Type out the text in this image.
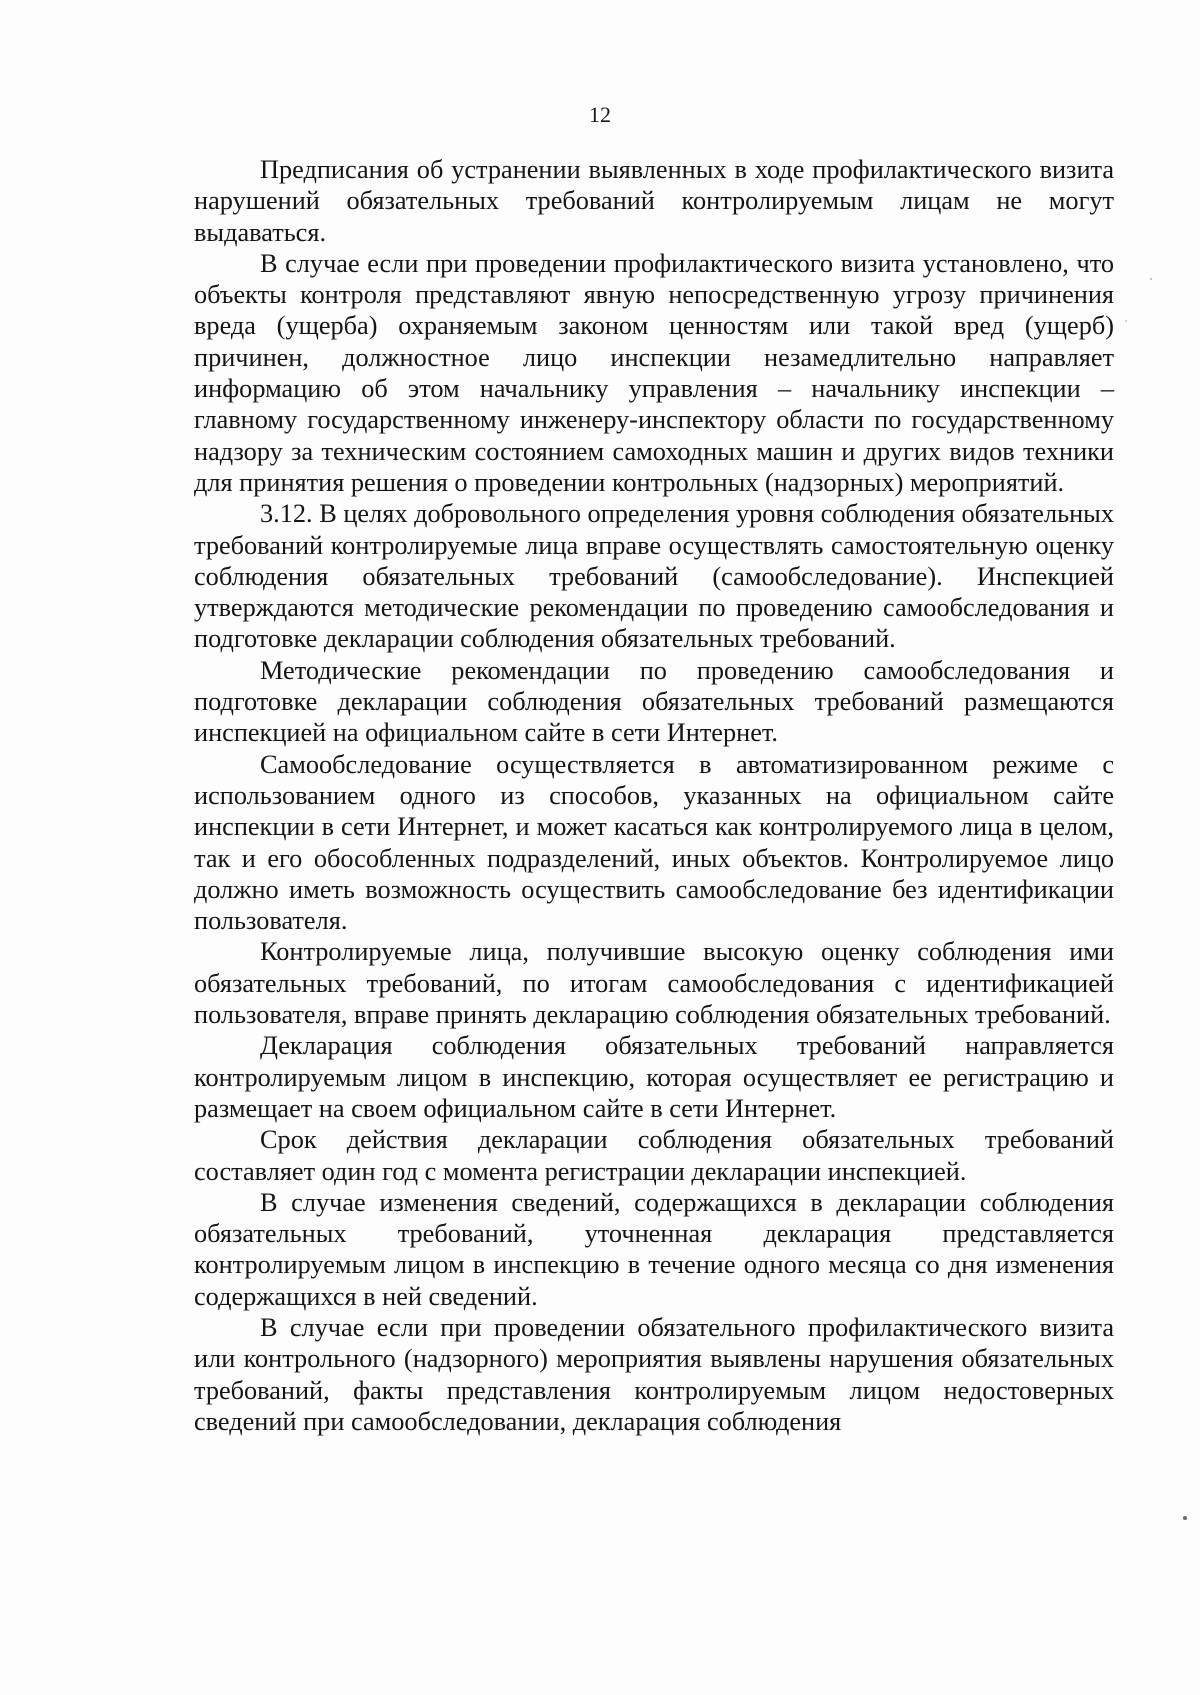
12

Предписания об устранении выявленных в ходе профилактического визита нарушений обязательных требований контролируемым лицам не могут выдаваться.

В случае если при проведении профилактического визита установлено, что объекты контроля представляют явную непосредственную угрозу причинения вреда (ущерба) охраняемым законом ценностям или такой вред (ущерб) причинен, должностное лицо инспекции незамедлительно направляет информацию об этом начальнику управления – начальнику инспекции – главному государственному инженеру-инспектору области по государственному надзору за техническим состоянием самоходных машин и других видов техники для принятия решения о проведении контрольных (надзорных) мероприятий.

3.12. В целях добровольного определения уровня соблюдения обязательных требований контролируемые лица вправе осуществлять самостоятельную оценку соблюдения обязательных требований (самообследование). Инспекцией утверждаются методические рекомендации по проведению самообследования и подготовке декларации соблюдения обязательных требований.

Методические рекомендации по проведению самообследования и подготовке декларации соблюдения обязательных требований размещаются инспекцией на официальном сайте в сети Интернет.

Самообследование осуществляется в автоматизированном режиме с использованием одного из способов, указанных на официальном сайте инспекции в сети Интернет, и может касаться как контролируемого лица в целом, так и его обособленных подразделений, иных объектов. Контролируемое лицо должно иметь возможность осуществить самообследование без идентификации пользователя.

Контролируемые лица, получившие высокую оценку соблюдения ими обязательных требований, по итогам самообследования с идентификацией пользователя, вправе принять декларацию соблюдения обязательных требований.

Декларация соблюдения обязательных требований направляется контролируемым лицом в инспекцию, которая осуществляет ее регистрацию и размещает на своем официальном сайте в сети Интернет.

Срок действия декларации соблюдения обязательных требований составляет один год с момента регистрации декларации инспекцией.

В случае изменения сведений, содержащихся в декларации соблюдения обязательных требований, уточненная декларация представляется контролируемым лицом в инспекцию в течение одного месяца со дня изменения содержащихся в ней сведений.

В случае если при проведении обязательного профилактического визита или контрольного (надзорного) мероприятия выявлены нарушения обязательных требований, факты представления контролируемым лицом недостоверных сведений при самообследовании, декларация соблюдения
